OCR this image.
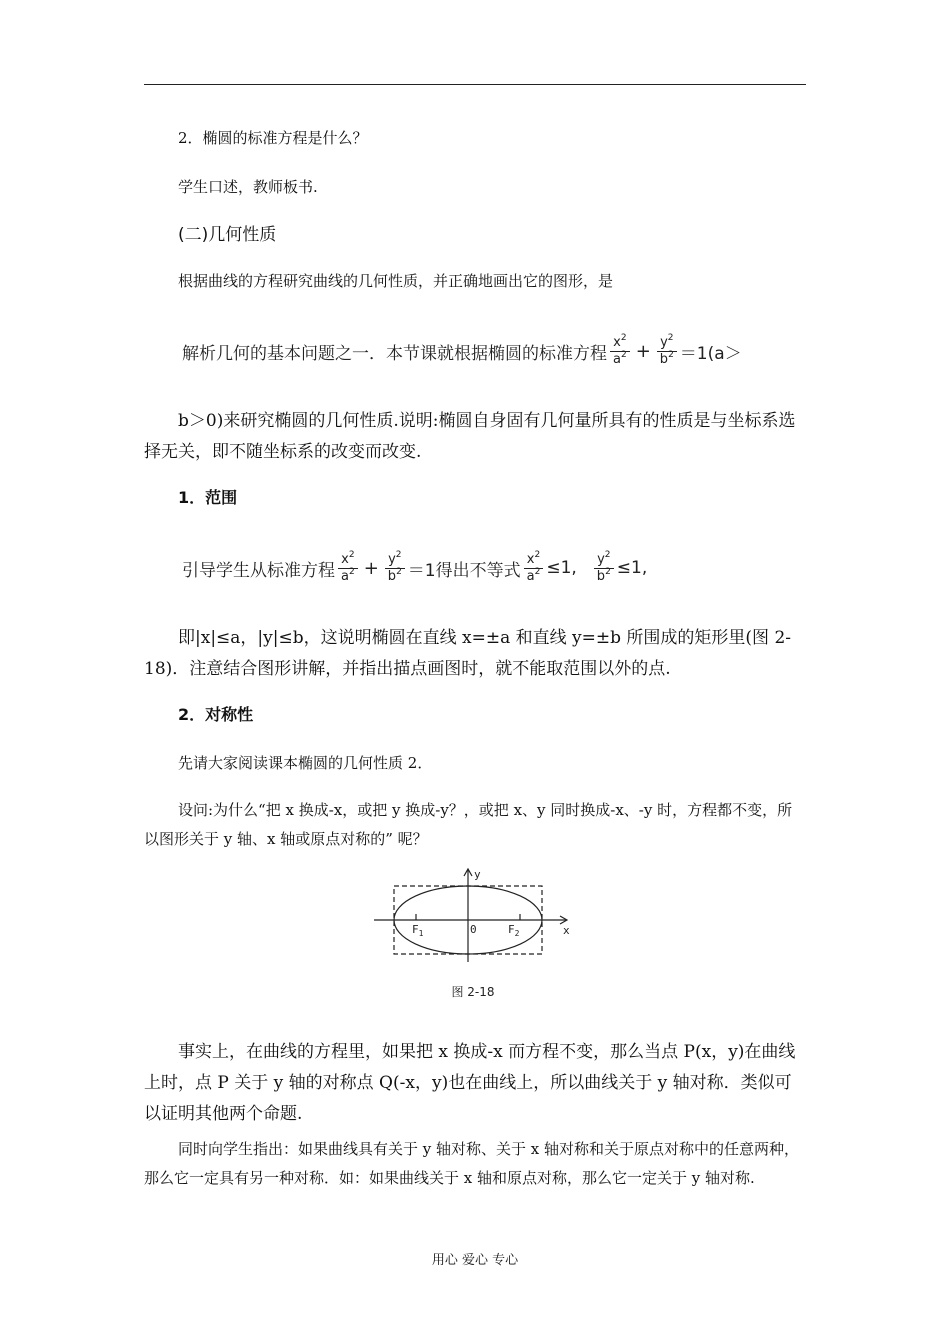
2．椭圆的标准方程是什么？

学生口述，教师板书.

(二)几何性质

根据曲线的方程研究曲线的几何性质，并正确地画出它的图形，是

解析几何的基本问题之一．本节课就根据椭圆的标准方程 $\frac{x^2}{a^2} + \frac{y^2}{b^2} =1(a>$

b＞0)来研究椭圆的几何性质.说明:椭圆自身固有几何量所具有的性质是与坐标系选择无关，即不随坐标系的改变而改变.

1．范围

引导学生从标准方程 $\frac{x^2}{a^2} + \frac{y^2}{b^2} =1$得出不等式 $\frac{x^2}{a^2} \le 1$, $\frac{y^2}{b^2} \le 1$,

即|x|≤a，|y|≤b，这说明椭圆在直线 x=±a 和直线 y=±b 所围成的矩形里(图 2-18)．注意结合图形讲解，并指出描点画图时，就不能取范围以外的点.

2．对称性

先请大家阅读课本椭圆的几何性质 2．

设问:为什么“把 x 换成-x，或把 y 换成-y？，或把 x、y 同时换成-x、-y 时，方程都不变，所以图形关于 y 轴、x 轴或原点对称的” 呢？

y
x
0
$F_1$	$F_2$
图 2-18

事实上，在曲线的方程里，如果把 x 换成-x 而方程不变，那么当点 P(x，y)在曲线上时，点 P 关于 y 轴的对称点 Q(-x，y)也在曲线上，所以曲线关于 y 轴对称．类似可以证明其他两个命题.

同时向学生指出：如果曲线具有关于 y 轴对称、关于 x 轴对称和关于原点对称中的任意两种，那么它一定具有另一种对称．如：如果曲线关于 x 轴和原点对称，那么它一定关于 y 轴对称.

用心 爱心 专心
